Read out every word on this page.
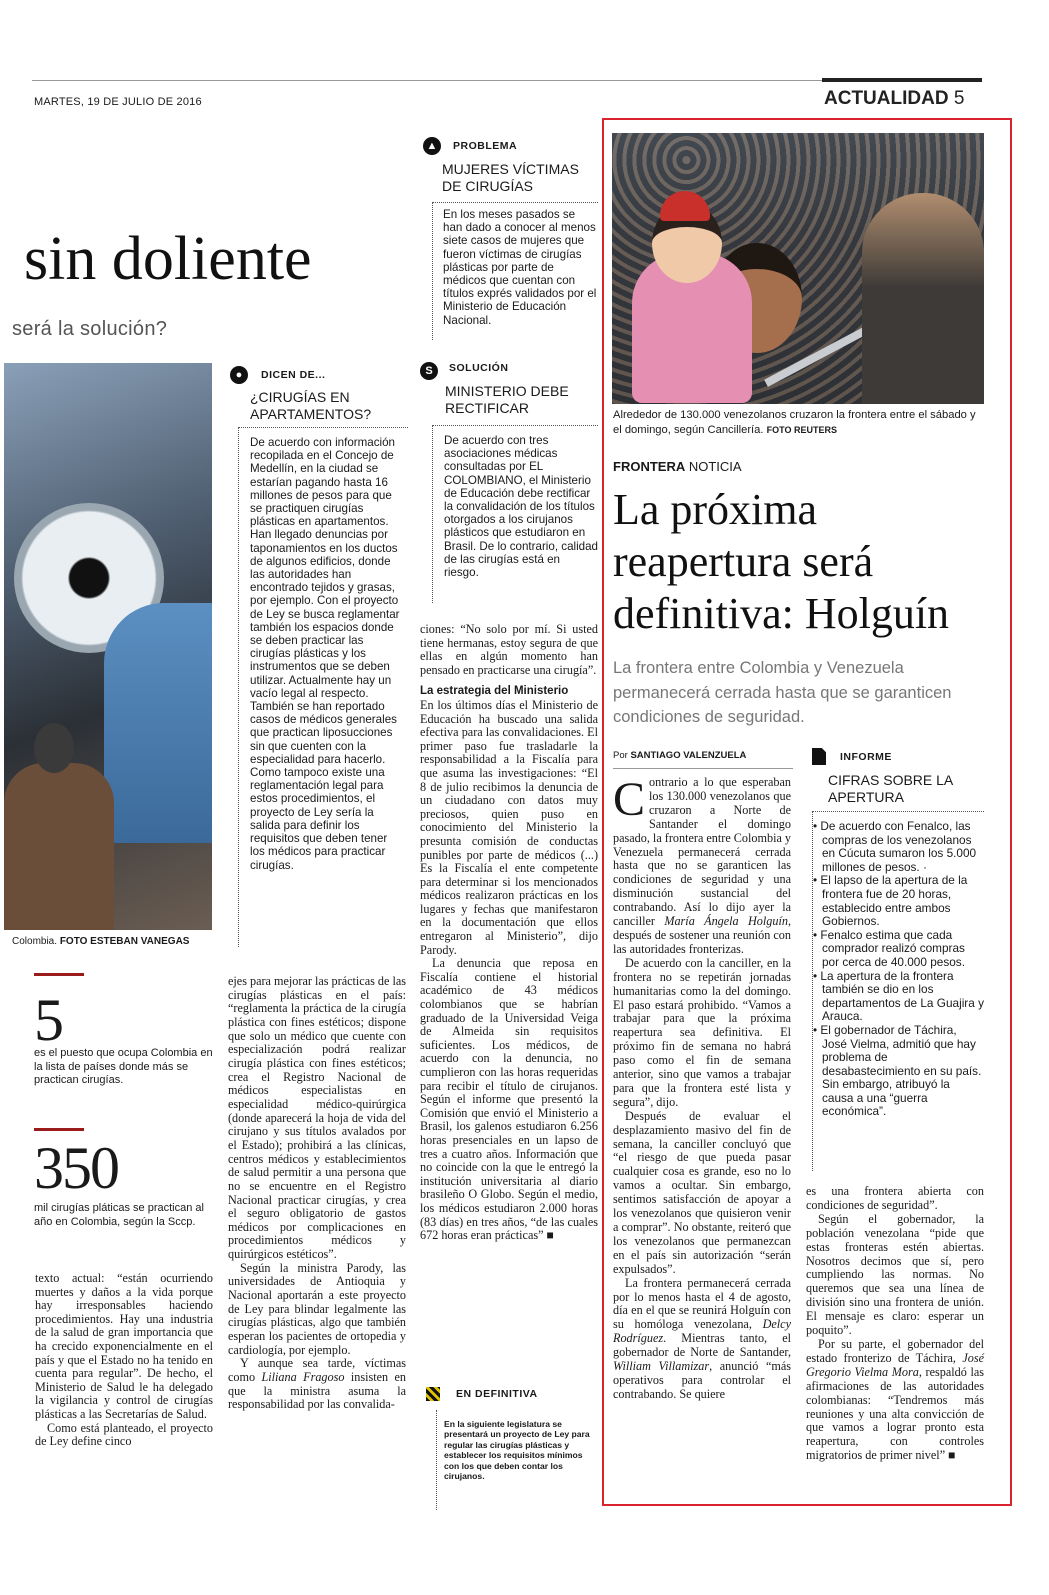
MARTES, 19 DE JULIO DE 2016	ACTUALIDAD 5
sin doliente
será la solución?
Colombia. FOTO ESTEBAN VANEGAS
5
es el puesto que ocupa Colombia en la lista de países donde más se practican cirugías.
350
mil cirugías pláticas se practican al año en Colombia, según la Sccp.
texto actual: “están ocurriendo muertes y daños a la vida porque hay irresponsables haciendo procedimientos. Hay una industria de la salud de gran importancia que ha crecido exponencialmente en el país y que el Estado no ha tenido en cuenta para regular”. De hecho, el Ministerio de Salud le ha delegado la vigilancia y control de cirugías plásticas a las Secretarías de Salud.
Como está planteado, el proyecto de Ley define cinco
●	DICEN DE...
¿CIRUGÍAS EN APARTAMENTOS?
De acuerdo con información recopilada en el Concejo de Medellín, en la ciudad se estarían pagando hasta 16 millones de pesos para que se practiquen cirugías plásticas en apartamentos. Han llegado denuncias por taponamientos en los ductos de algunos edificios, donde las autoridades han encontrado tejidos y grasas, por ejemplo. Con el proyecto de Ley se busca reglamentar también los espacios donde se deben practicar las cirugías plásticas y los instrumentos que se deben utilizar. Actualmente hay un vacío legal al respecto. También se han reportado casos de médicos generales que practican liposucciones sin que cuenten con la especialidad para hacerlo. Como tampoco existe una reglamentación legal para estos procedimientos, el proyecto de Ley sería la salida para definir los requisitos que deben tener los médicos para practicar cirugías.
▲	PROBLEMA
MUJERES VÍCTIMAS DE CIRUGÍAS
En los meses pasados se han dado a conocer al menos siete casos de mujeres que fueron víctimas de cirugías plásticas por parte de médicos que cuentan con títulos exprés validados por el Ministerio de Educación Nacional.
S	SOLUCIÓN
MINISTERIO DEBE RECTIFICAR
De acuerdo con tres asociaciones médicas consultadas por EL COLOMBIANO, el Ministerio de Educación debe rectificar la convalidación de los títulos otorgados a los cirujanos plásticos que estudiaron en Brasil. De lo contrario, calidad de las cirugías está en riesgo.
ejes para mejorar las prácticas de las cirugías plásticas en el país: “reglamenta la práctica de la cirugía plástica con fines estéticos; dispone que solo un médico que cuente con especialización podrá realizar cirugía plástica con fines estéticos; crea el Registro Nacional de médicos especialistas en especialidad médico-quirúrgica (donde aparecerá la hoja de vida del cirujano y sus títulos avalados por el Estado); prohibirá a las clínicas, centros médicos y establecimientos de salud permitir a una persona que no se encuentre en el Registro Nacional practicar cirugías, y crea el seguro obligatorio de gastos médicos por complicaciones en procedimientos médicos y quirúrgicos estéticos”.
Según la ministra Parody, las universidades de Antioquia y Nacional aportarán a este proyecto de Ley para blindar legalmente las cirugías plásticas, algo que también esperan los pacientes de ortopedia y cardiología, por ejemplo.
Y aunque sea tarde, víctimas como Liliana Fragoso insisten en que la ministra asuma la responsabilidad por las convalida-
ciones: “No solo por mí. Si usted tiene hermanas, estoy segura de que ellas en algún momento han pensado en practicarse una cirugía”.
La estrategia del Ministerio
En los últimos días el Ministerio de Educación ha buscado una salida efectiva para las convalidaciones. El primer paso fue trasladarle la responsabilidad a la Fiscalía para que asuma las investigaciones: “El 8 de julio recibimos la denuncia de un ciudadano con datos muy preciosos, quien puso en conocimiento del Ministerio la presunta comisión de conductas punibles por parte de médicos (...) Es la Fiscalía el ente competente para determinar si los mencionados médicos realizaron prácticas en los lugares y fechas que manifestaron en la documentación que ellos entregaron al Ministerio”, dijo Parody.
La denuncia que reposa en Fiscalía contiene el historial académico de 43 médicos colombianos que se habrían graduado de la Universidad Veiga de Almeida sin requisitos suficientes. Los médicos, de acuerdo con la denuncia, no cumplieron con las horas requeridas para recibir el título de cirujanos. Según el informe que presentó la Comisión que envió el Ministerio a Brasil, los galenos estudiaron 6.256 horas presenciales en un lapso de tres a cuatro años. Información que no coincide con la que le entregó la institución universitaria al diario brasileño O Globo. Según el medio, los médicos estudiaron 2.000 horas (83 días) en tres años, “de las cuales 672 horas eran prácticas” ■
EN DEFINITIVA
En la siguiente legislatura se presentará un proyecto de Ley para regular las cirugías plásticas y establecer los requisitos mínimos con los que deben contar los cirujanos.
Alrededor de 130.000 venezolanos cruzaron la frontera entre el sábado y el domingo, según Cancillería. FOTO REUTERS
FRONTERA NOTICIA
La próxima reapertura será definitiva: Holguín
La frontera entre Colombia y Venezuela permanecerá cerrada hasta que se garanticen condiciones de seguridad.
Por SANTIAGO VALENZUELA
Contrario a lo que esperaban los 130.000 venezolanos que cruzaron a Norte de Santander el domingo pasado, la frontera entre Colombia y Venezuela permanecerá cerrada hasta que no se garanticen las condiciones de seguridad y una disminución sustancial del contrabando. Así lo dijo ayer la canciller María Ángela Holguín, después de sostener una reunión con las autoridades fronterizas.
De acuerdo con la canciller, en la frontera no se repetirán jornadas humanitarias como la del domingo. El paso estará prohibido. “Vamos a trabajar para que la próxima reapertura sea definitiva. El próximo fin de semana no habrá paso como el fin de semana anterior, sino que vamos a trabajar para que la frontera esté lista y segura”, dijo.
Después de evaluar el desplazamiento masivo del fin de semana, la canciller concluyó que “el riesgo de que pueda pasar cualquier cosa es grande, eso no lo vamos a ocultar. Sin embargo, sentimos satisfacción de apoyar a los venezolanos que quisieron venir a comprar”. No obstante, reiteró que los venezolanos que permanezcan en el país sin autorización “serán expulsados”.
La frontera permanecerá cerrada por lo menos hasta el 4 de agosto, día en el que se reunirá Holguín con su homóloga venezolana, Delcy Rodríguez. Mientras tanto, el gobernador de Norte de Santander, William Villamizar, anunció “más operativos para controlar el contrabando. Se quiere
INFORME
CIFRAS SOBRE LA APERTURA
• De acuerdo con Fenalco, las compras de los venezolanos en Cúcuta sumaron los 5.000 millones de pesos. ·
• El lapso de la apertura de la frontera fue de 20 horas, establecido entre ambos Gobiernos.
• Fenalco estima que cada comprador realizó compras por cerca de 40.000 pesos.
• La apertura de la frontera también se dio en los departamentos de La Guajira y Arauca.
• El gobernador de Táchira, José Vielma, admitió que hay problema de desabastecimiento en su país. Sin embargo, atribuyó la causa a una “guerra económica”.
es una frontera abierta con condiciones de seguridad”.
Según el gobernador, la población venezolana “pide que estas fronteras estén abiertas. Nosotros decimos que sí, pero cumpliendo las normas. No queremos que sea una línea de división sino una frontera de unión. El mensaje es claro: esperar un poquito”.
Por su parte, el gobernador del estado fronterizo de Táchira, José Gregorio Vielma Mora, respaldó las afirmaciones de las autoridades colombianas: “Tendremos más reuniones y una alta convicción de que vamos a lograr pronto esta reapertura, con controles migratorios de primer nivel” ■
